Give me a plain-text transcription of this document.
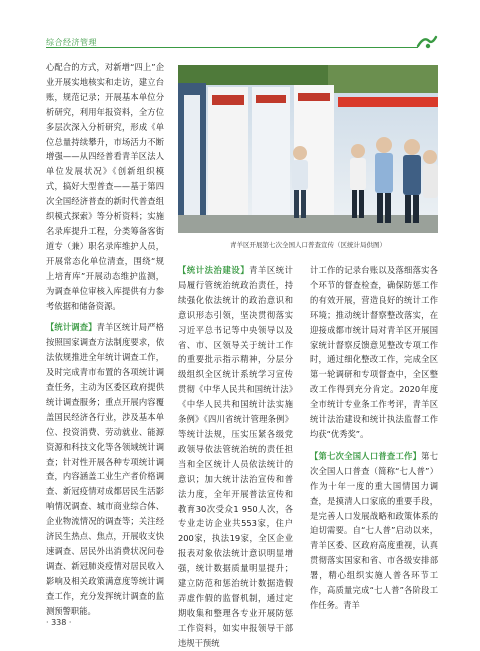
综合经济管理

心配合的方式，对新增“四上”企业开展实地核实和走访，建立台账，规范记录；开展基本单位分析研究，利用年报资料，全方位多层次深入分析研究，形成《单位总量持续攀升，市场活力不断增强——从四经普看青羊区法人单位发展状况》《创新组织模式，搞好大型普查——基于第四次全国经济普查的新时代普查组织模式探索》等分析资料；实施名录库提升工程，分类筹备客街道专（兼）职名录库维护人员，开展常态化单位清查，围绕“规上培育库”开展动态维护监测，为调查单位审核入库提供有力参考依据和储备资源。

【统计调查】青羊区统计局严格按照国家调查方法制度要求，依法依规推进全年统计调查工作，及时完成青市布置的各项统计调查任务，主动为区委区政府提供统计调查服务；重点开展内容覆盖国民经济各行业，涉及基本单位、投资消费、劳动就业、能源资源和科技文化等各领域统计调查；针对性开展各种专项统计调查，内容涵盖工业生产者价格调查、新冠疫情对成都居民生活影响情况调查、城市商业综合体、企业物流情况的调查等；关注经济民生热点、焦点，开展收支快速调查、居民外出消费状况问卷调查、新冠肺炎疫情对居民收入影响及相关政策满意度等统计调查工作，充分发挥统计调查的监测预警职能。

青羊区开展第七次全国人口普查宣传（区统计局供图）

【统计法治建设】青羊区统计局履行管统治统政治责任，持续强化依法统计的政治意识和意识形态引领，坚决贯彻落实习近平总书记等中央领导以及省、市、区领导关于统计工作的重要批示指示精神，分层分级组织全区统计系统学习宣传贯彻《中华人民共和国统计法》《中华人民共和国统计法实施条例》《四川省统计管理条例》等统计法规，压实压紧各级党政领导依法管统治统的责任担当和全区统计人员依法统计的意识；加大统计法治宣传和普法力度，全年开展普法宣传和教育30次受众1 950人次，各专业走访企业共553家，住户200家，执法19家，全区企业报表对象依法统计意识明显增强，统计数据质量明显提升；建立防范和惩治统计数据造假弄虚作假的监督机制，通过定期收集和整理各专业开展防惩工作资料，如实申报领导干部违规干预统

计工作的记录台账以及落细落实各个环节的督查检查，确保防惩工作的有效开展，营造良好的统计工作环境；推动统计督察整改落实，在迎接成都市统计局对青羊区开展国家统计督察反馈意见整改专项工作时，通过细化整改工作，完成全区第一轮调研和专项督查中，全区整改工作得到充分肯定。2020年度全市统计专业条工作考评，青羊区统计法治建设和统计执法监督工作均获“优秀奖”。

【第七次全国人口普查工作】第七次全国人口普查（简称“七人普”）作为十年一度的重大国情国力调查，是摸清人口家底的重要手段，是完善人口发展战略和政策体系的迫切需要。自“七人普”启动以来，青羊区委、区政府高度重视，认真贯彻落实国家和省、市各级安排部署，精心组织实施人普各环节工作，高质量完成“七人普”各阶段工作任务。青羊

· 338 ·
